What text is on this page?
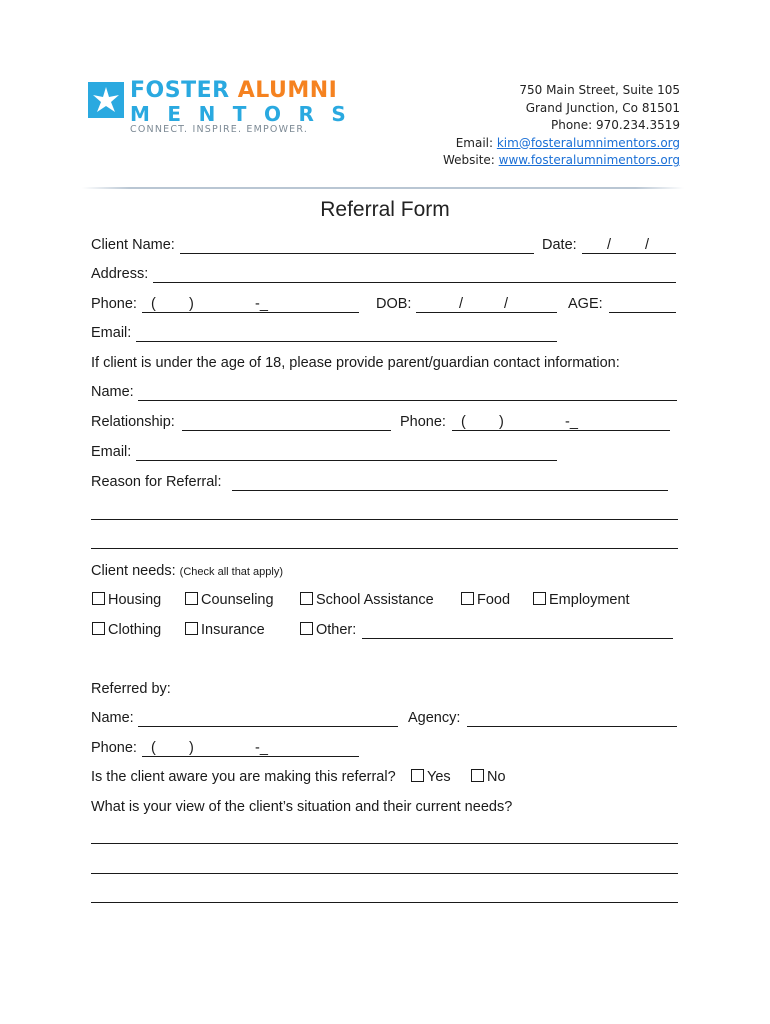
FOSTER ALUMNI
MENTORS
CONNECT. INSPIRE. EMPOWER.
750 Main Street, Suite 105
Grand Junction, Co 81501
Phone: 970.234.3519
Email: kim@fosteralumnimentors.org
Website: www.fosteralumnimentors.org
Referral Form
Client Name:	Date: / /
Address:
Phone: ( )	-_	DOB:	/	/	AGE:
Email:
If client is under the age of 18, please provide parent/guardian contact information:
Name:
Relationship:	Phone: ( )	-_
Email:
Reason for Referral:
Client needs: (Check all that apply)
Housing	Counseling	School Assistance	Food	Employment
Clothing	Insurance	Other:
Referred by:
Name:	Agency:
Phone: ( )	-_
Is the client aware you are making this referral?	Yes	No
What is your view of the client’s situation and their current needs?
